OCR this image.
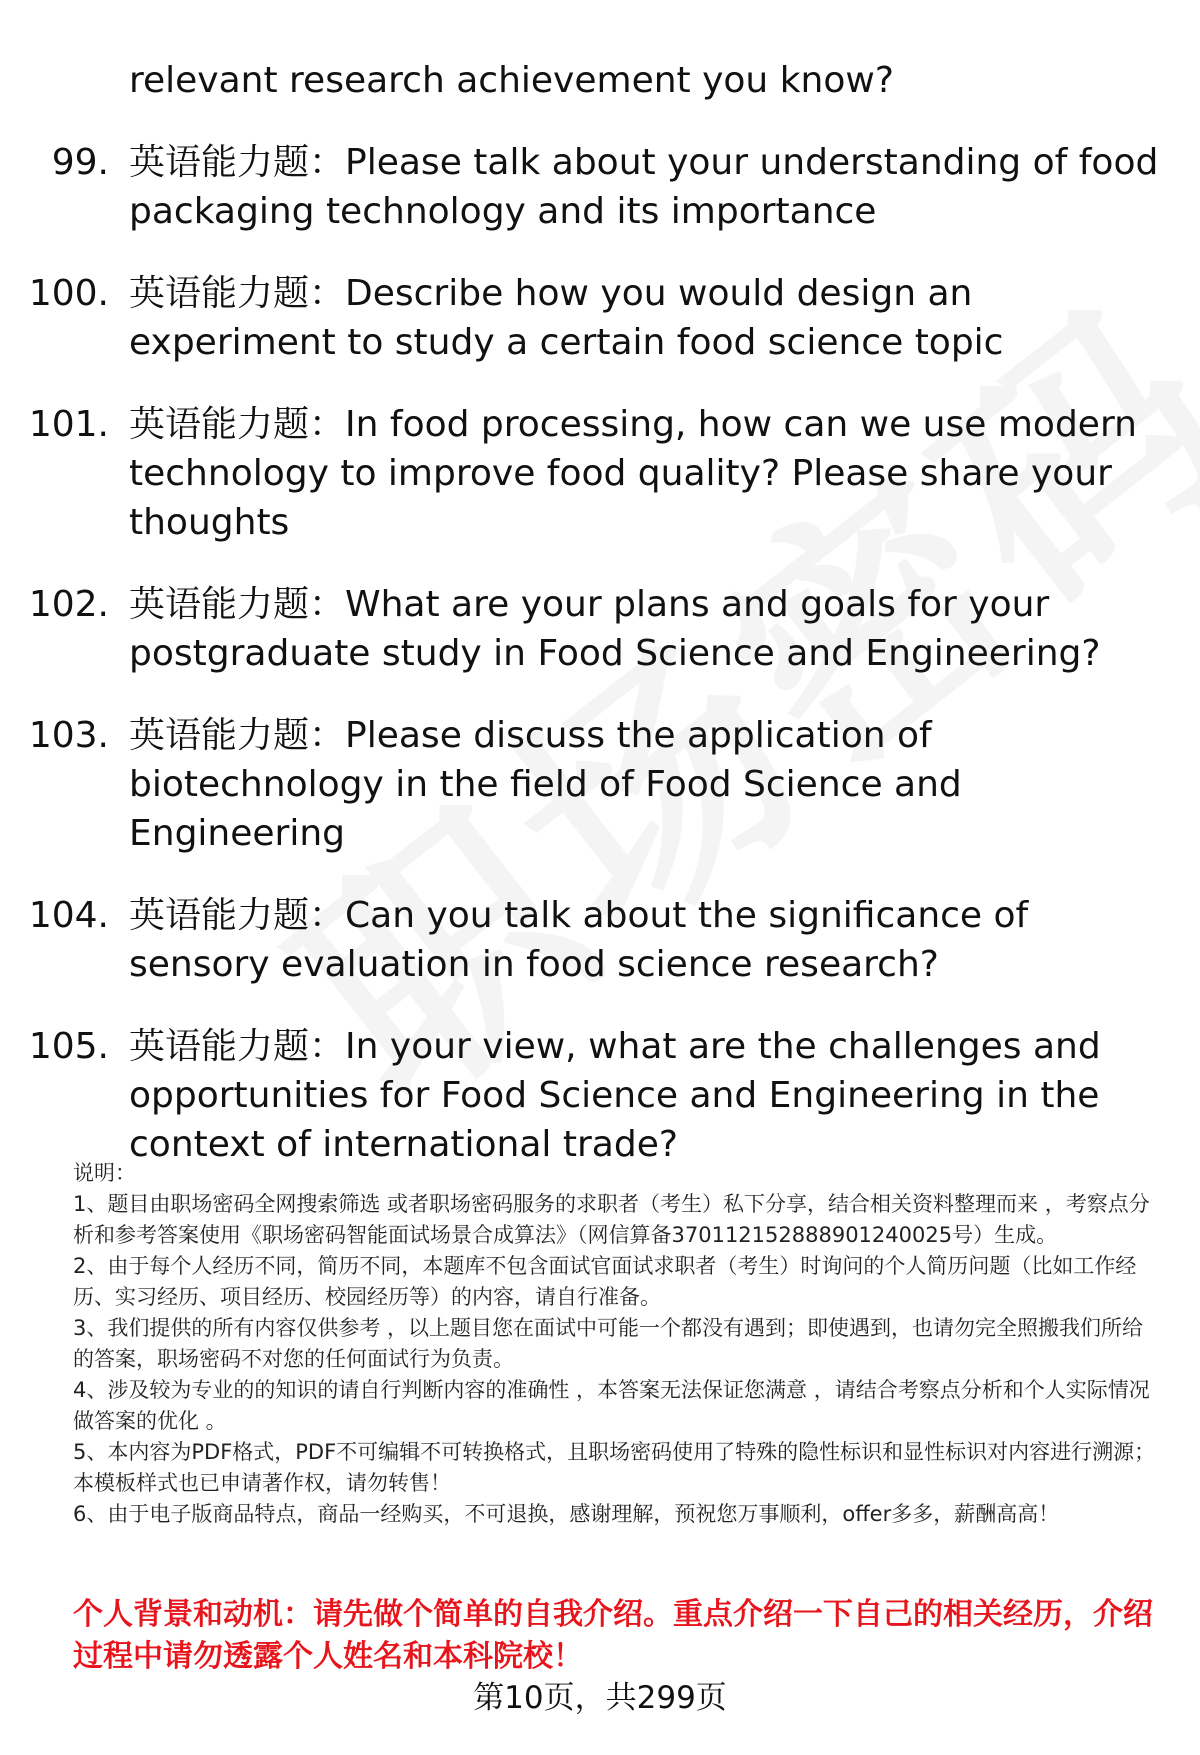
relevant research achievement you know?
99. 英语能力题：Please talk about your understanding of food packaging technology and its importance
100. 英语能力题：Describe how you would design an experiment to study a certain food science topic
101. 英语能力题：In food processing, how can we use modern technology to improve food quality? Please share your thoughts
102. 英语能力题：What are your plans and goals for your postgraduate study in Food Science and Engineering?
103. 英语能力题：Please discuss the application of biotechnology in the field of Food Science and Engineering
104. 英语能力题：Can you talk about the significance of sensory evaluation in food science research?
105. 英语能力题：In your view, what are the challenges and opportunities for Food Science and Engineering in the context of international trade?
说明：
1、题目由职场密码全网搜索筛选 或者职场密码服务的求职者（考生）私下分享，结合相关资料整理而来 ，考察点分析和参考答案使用《职场密码智能面试场景合成算法》（网信算备370112152888901240025号）生成。
2、由于每个人经历不同，简历不同，本题库不包含面试官面试求职者（考生）时询问的个人简历问题（比如工作经历、实习经历、项目经历、校园经历等）的内容，请自行准备。
3、我们提供的所有内容仅供参考 ，以上题目您在面试中可能一个都没有遇到；即使遇到，也请勿完全照搬我们所给的答案，职场密码不对您的任何面试行为负责。
4、涉及较为专业的的知识的请自行判断内容的准确性 ，本答案无法保证您满意 ，请结合考察点分析和个人实际情况做答案的优化 。
5、本内容为PDF格式，PDF不可编辑不可转换格式，且职场密码使用了特殊的隐性标识和显性标识对内容进行溯源；本模板样式也已申请著作权，请勿转售！
6、由于电子版商品特点，商品一经购买，不可退换，感谢理解，预祝您万事顺利，offer多多，薪酬高高！
个人背景和动机：请先做个简单的自我介绍。重点介绍一下自己的相关经历，介绍过程中请勿透露个人姓名和本科院校！
第10页，共299页
